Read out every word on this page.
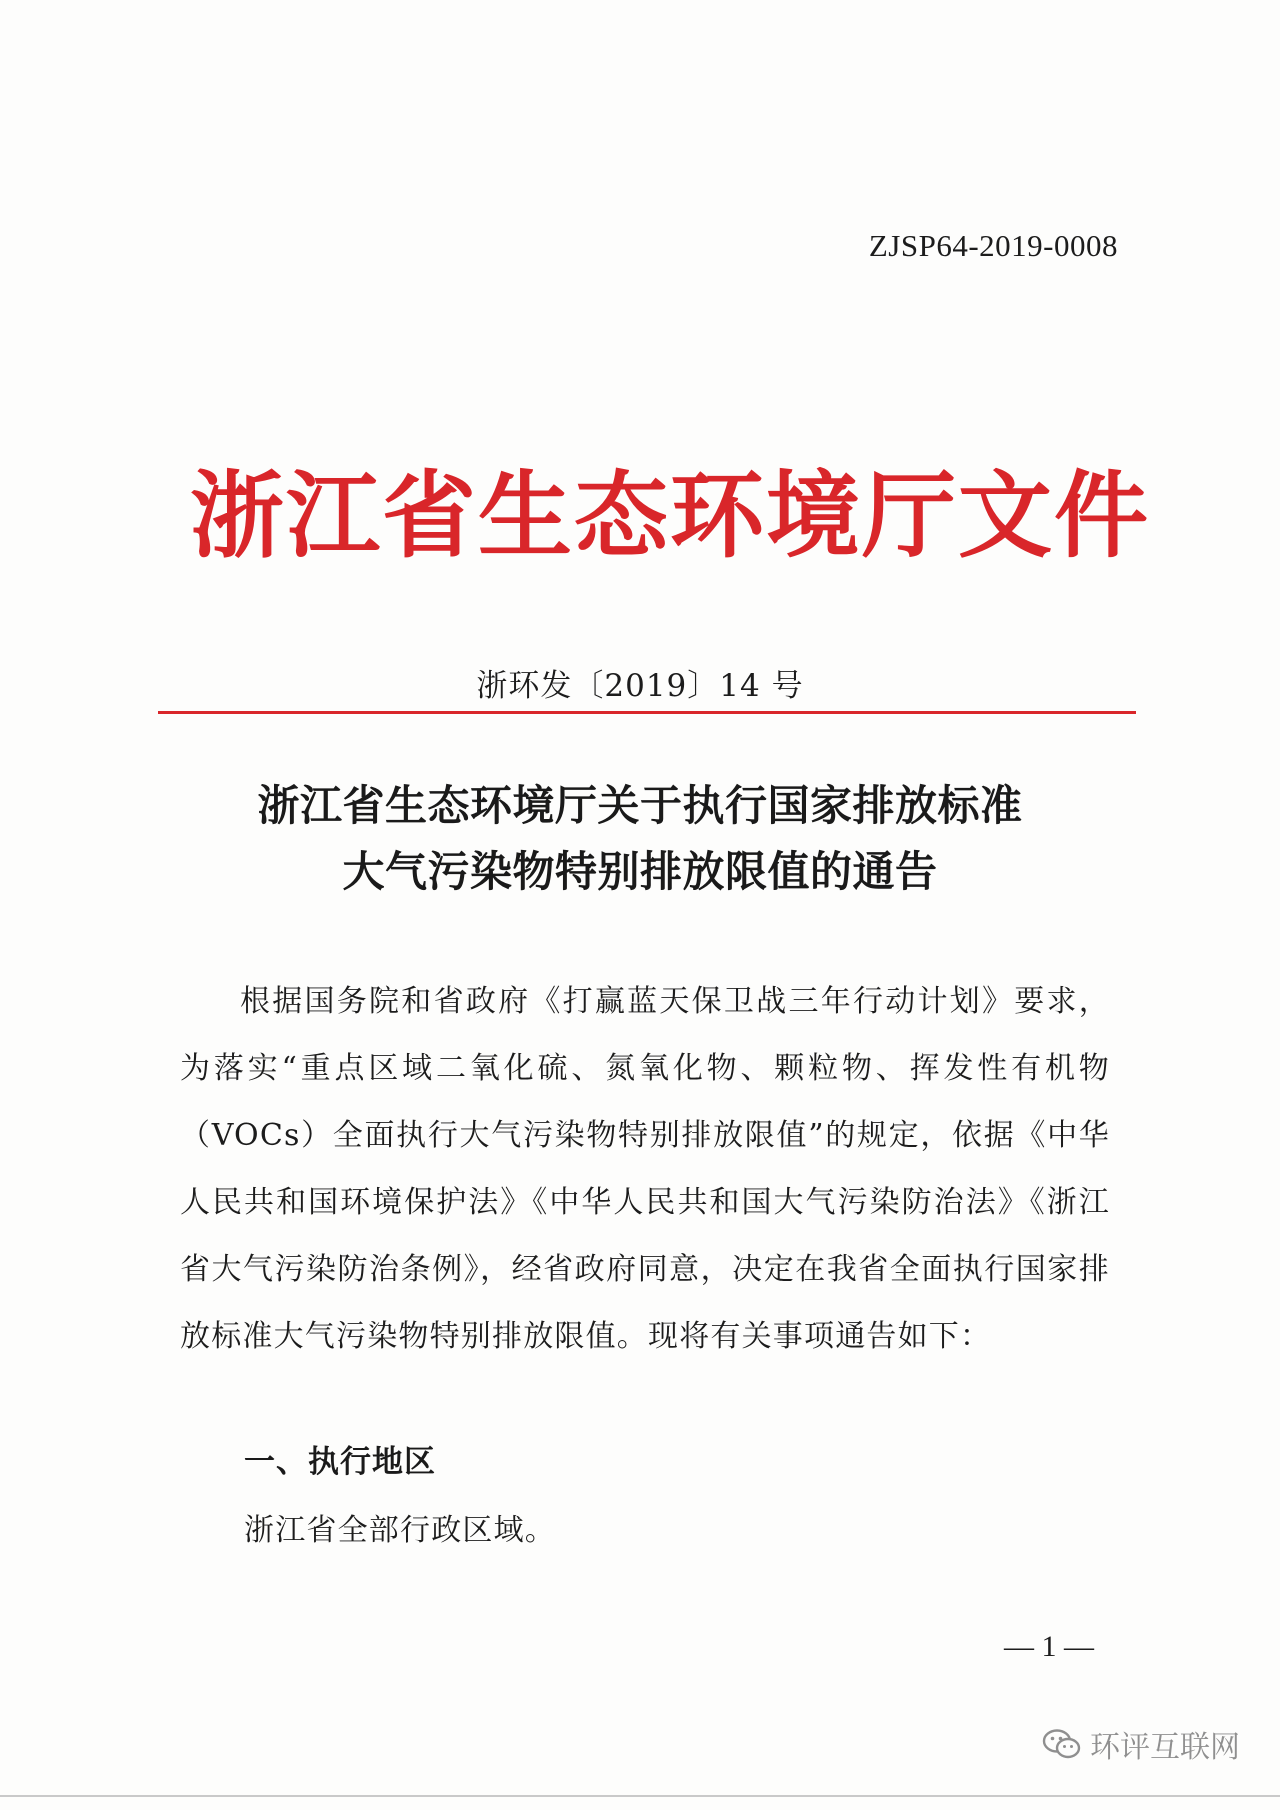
ZJSP64-2019-0008
浙江省生态环境厅文件
浙环发〔2019〕14 号
浙江省生态环境厅关于执行国家排放标准
大气污染物特别排放限值的通告

根据国务院和省政府《打赢蓝天保卫战三年行动计划》要求，为落实“重点区域二氧化硫、氮氧化物、颗粒物、挥发性有机物（VOCs）全面执行大气污染物特别排放限值”的规定，依据《中华人民共和国环境保护法》《中华人民共和国大气污染防治法》《浙江省大气污染防治条例》，经省政府同意，决定在我省全面执行国家排放标准大气污染物特别排放限值。现将有关事项通告如下：

一、执行地区
浙江省全部行政区域。
— 1 —
环评互联网
